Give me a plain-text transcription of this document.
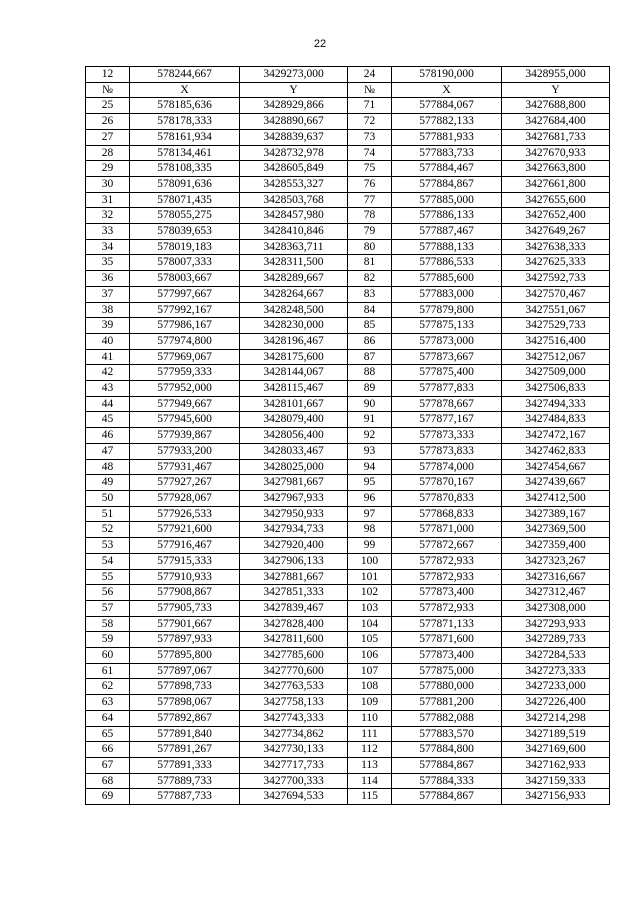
22
12	578244,667	3429273,000	24	578190,000	3428955,000
№	X	Y	№	X	Y
25	578185,636	3428929,866	71	577884,067	3427688,800
26	578178,333	3428890,667	72	577882,133	3427684,400
27	578161,934	3428839,637	73	577881,933	3427681,733
28	578134,461	3428732,978	74	577883,733	3427670,933
29	578108,335	3428605,849	75	577884,467	3427663,800
30	578091,636	3428553,327	76	577884,867	3427661,800
31	578071,435	3428503,768	77	577885,000	3427655,600
32	578055,275	3428457,980	78	577886,133	3427652,400
33	578039,653	3428410,846	79	577887,467	3427649,267
34	578019,183	3428363,711	80	577888,133	3427638,333
35	578007,333	3428311,500	81	577886,533	3427625,333
36	578003,667	3428289,667	82	577885,600	3427592,733
37	577997,667	3428264,667	83	577883,000	3427570,467
38	577992,167	3428248,500	84	577879,800	3427551,067
39	577986,167	3428230,000	85	577875,133	3427529,733
40	577974,800	3428196,467	86	577873,000	3427516,400
41	577969,067	3428175,600	87	577873,667	3427512,067
42	577959,333	3428144,067	88	577875,400	3427509,000
43	577952,000	3428115,467	89	577877,833	3427506,833
44	577949,667	3428101,667	90	577878,667	3427494,333
45	577945,600	3428079,400	91	577877,167	3427484,833
46	577939,867	3428056,400	92	577873,333	3427472,167
47	577933,200	3428033,467	93	577873,833	3427462,833
48	577931,467	3428025,000	94	577874,000	3427454,667
49	577927,267	3427981,667	95	577870,167	3427439,667
50	577928,067	3427967,933	96	577870,833	3427412,500
51	577926,533	3427950,933	97	577868,833	3427389,167
52	577921,600	3427934,733	98	577871,000	3427369,500
53	577916,467	3427920,400	99	577872,667	3427359,400
54	577915,333	3427906,133	100	577872,933	3427323,267
55	577910,933	3427881,667	101	577872,933	3427316,667
56	577908,867	3427851,333	102	577873,400	3427312,467
57	577905,733	3427839,467	103	577872,933	3427308,000
58	577901,667	3427828,400	104	577871,133	3427293,933
59	577897,933	3427811,600	105	577871,600	3427289,733
60	577895,800	3427785,600	106	577873,400	3427284,533
61	577897,067	3427770,600	107	577875,000	3427273,333
62	577898,733	3427763,533	108	577880,000	3427233,000
63	577898,067	3427758,133	109	577881,200	3427226,400
64	577892,867	3427743,333	110	577882,088	3427214,298
65	577891,840	3427734,862	111	577883,570	3427189,519
66	577891,267	3427730,133	112	577884,800	3427169,600
67	577891,333	3427717,733	113	577884,867	3427162,933
68	577889,733	3427700,333	114	577884,333	3427159,333
69	577887,733	3427694,533	115	577884,867	3427156,933
